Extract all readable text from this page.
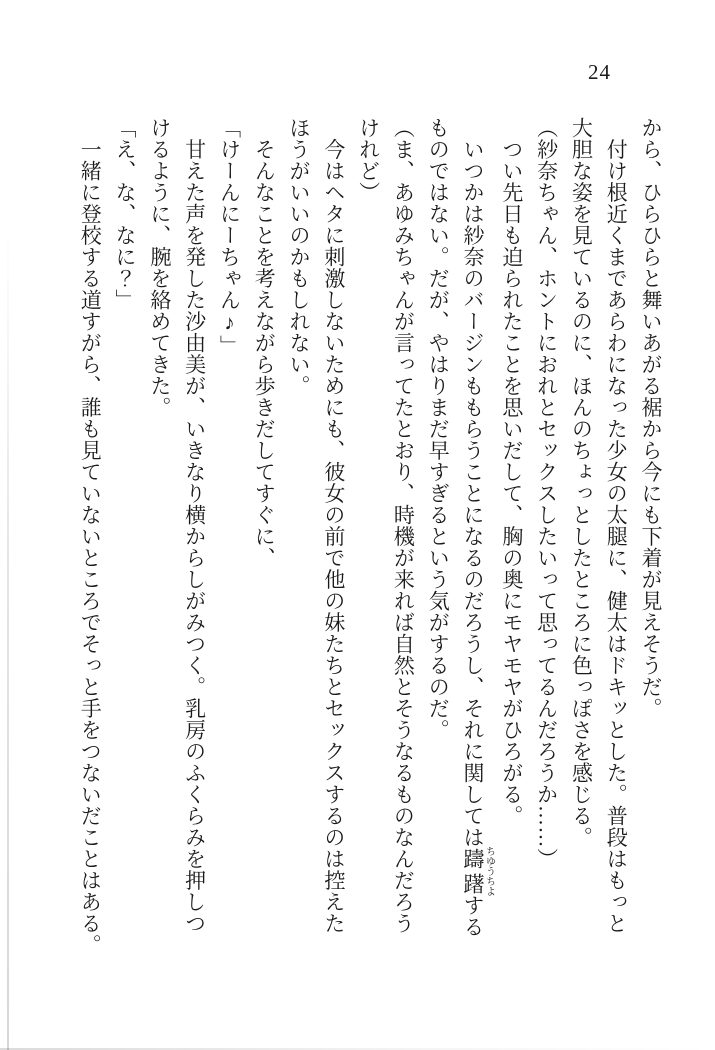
24

から、ひらひらと舞いあがる裾から今にも下着が見えそうだ。

　付け根近くまであらわになった少女の太腿に、健太はドキッとした。普段はもっと

大胆な姿を見ているのに、ほんのちょっとしたところに色っぽさを感じる。

（紗奈ちゃん、ホントにおれとセックスしたいって思ってるんだろうか……）

　つい先日も迫られたことを思いだして、胸の奥にモヤモヤがひろがる。

　いつかは紗奈のバージンももらうことになるのだろうし、それに関しては躊躇ちゆうちよする

ものではない。だが、やはりまだ早すぎるという気がするのだ。

（ま、あゆみちゃんが言ってたとおり、時機が来れば自然とそうなるものなんだろう

けれど）

　今はヘタに刺激しないためにも、彼女の前で他の妹たちとセックスするのは控えた

ほうがいいのかもしれない。

　そんなことを考えながら歩きだしてすぐに、

「けーんにーちゃん♪」

　甘えた声を発した沙由美が、いきなり横からしがみつく。乳房のふくらみを押しつ

けるように、腕を絡めてきた。

「え、な、なに？」

　一緒に登校する道すがら、誰も見ていないところでそっと手をつないだことはある。
